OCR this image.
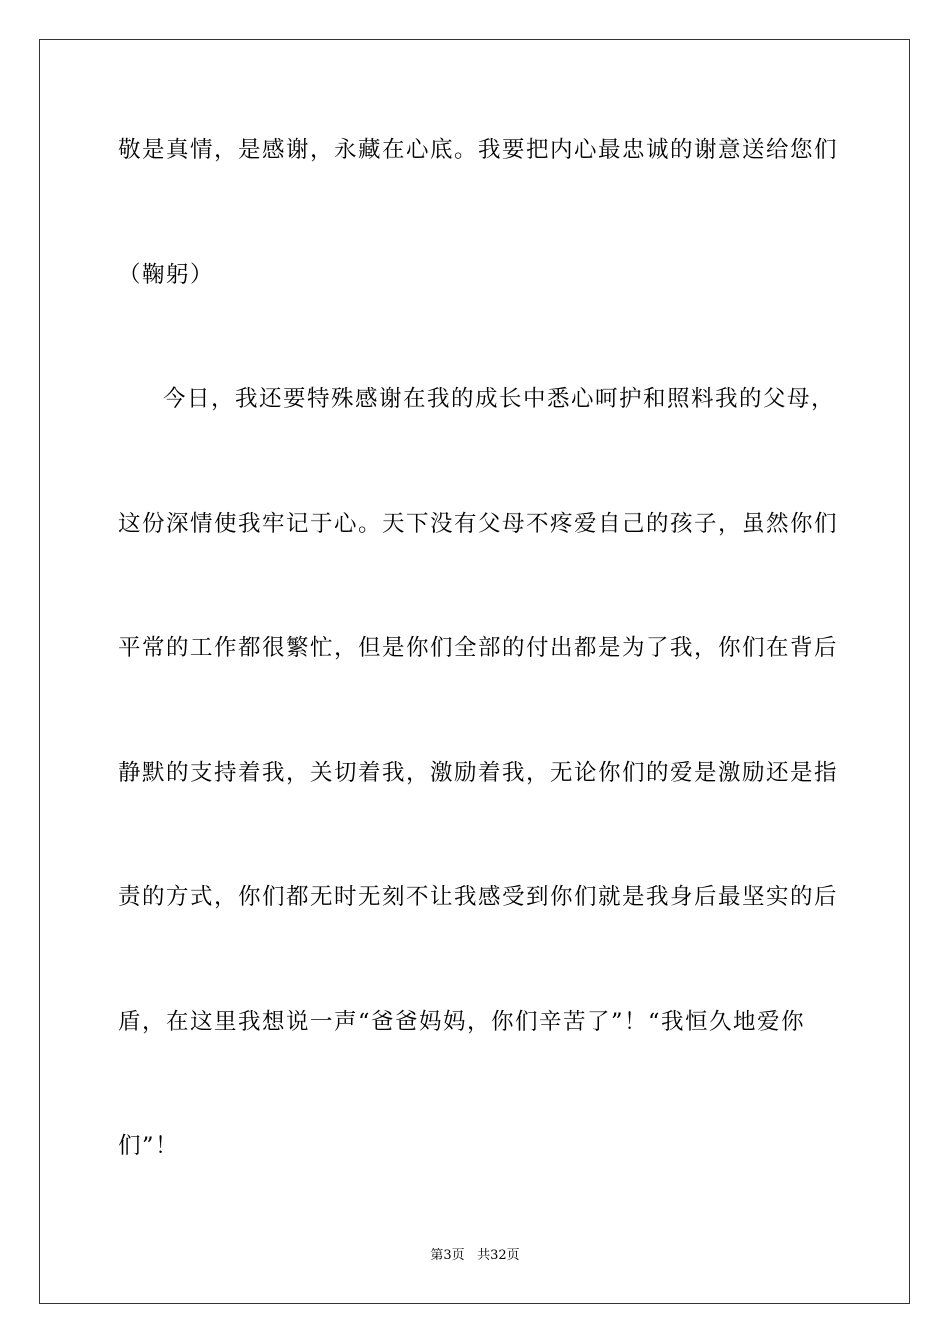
敬是真情，是感谢，永藏在心底。我要把内心最忠诚的谢意送给您们
（鞠躬）
今日，我还要特殊感谢在我的成长中悉心呵护和照料我的父母，
这份深情使我牢记于心。天下没有父母不疼爱自己的孩子，虽然你们
平常的工作都很繁忙，但是你们全部的付出都是为了我，你们在背后
静默的支持着我，关切着我，激励着我，无论你们的爱是激励还是指
责的方式，你们都无时无刻不让我感受到你们就是我身后最坚实的后
盾，在这里我想说一声“爸爸妈妈，你们辛苦了”！“我恒久地爱你
们”！
第3页 共32页
